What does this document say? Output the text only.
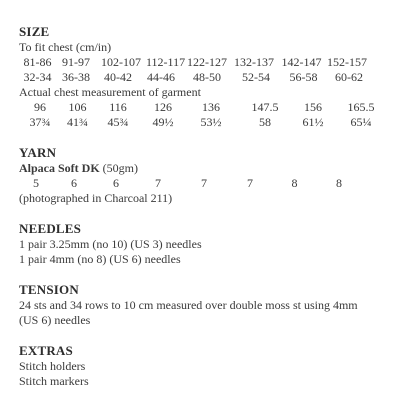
SIZE
To fit chest (cm/in)
81-86 91-97 102-107 112-117 122-127 132-137 142-147 152-157
32-34 36-38	40-42	44-46	48-50	52-54	56-58	60-62
Actual chest measurement of garment
96	106	116	126	136	147.5	156	165.5
37¾	41¾	45¾	49½	53½	58	61½	65¼
YARN
Alpaca Soft DK (50gm)
5	6	6	7	7	7	8	8
(photographed in Charcoal 211)
NEEDLES
1 pair 3.25mm (no 10) (US 3) needles
1 pair 4mm (no 8) (US 6) needles
TENSION
24 sts and 34 rows to 10 cm measured over double moss st using 4mm
(US 6) needles
EXTRAS
Stitch holders
Stitch markers
